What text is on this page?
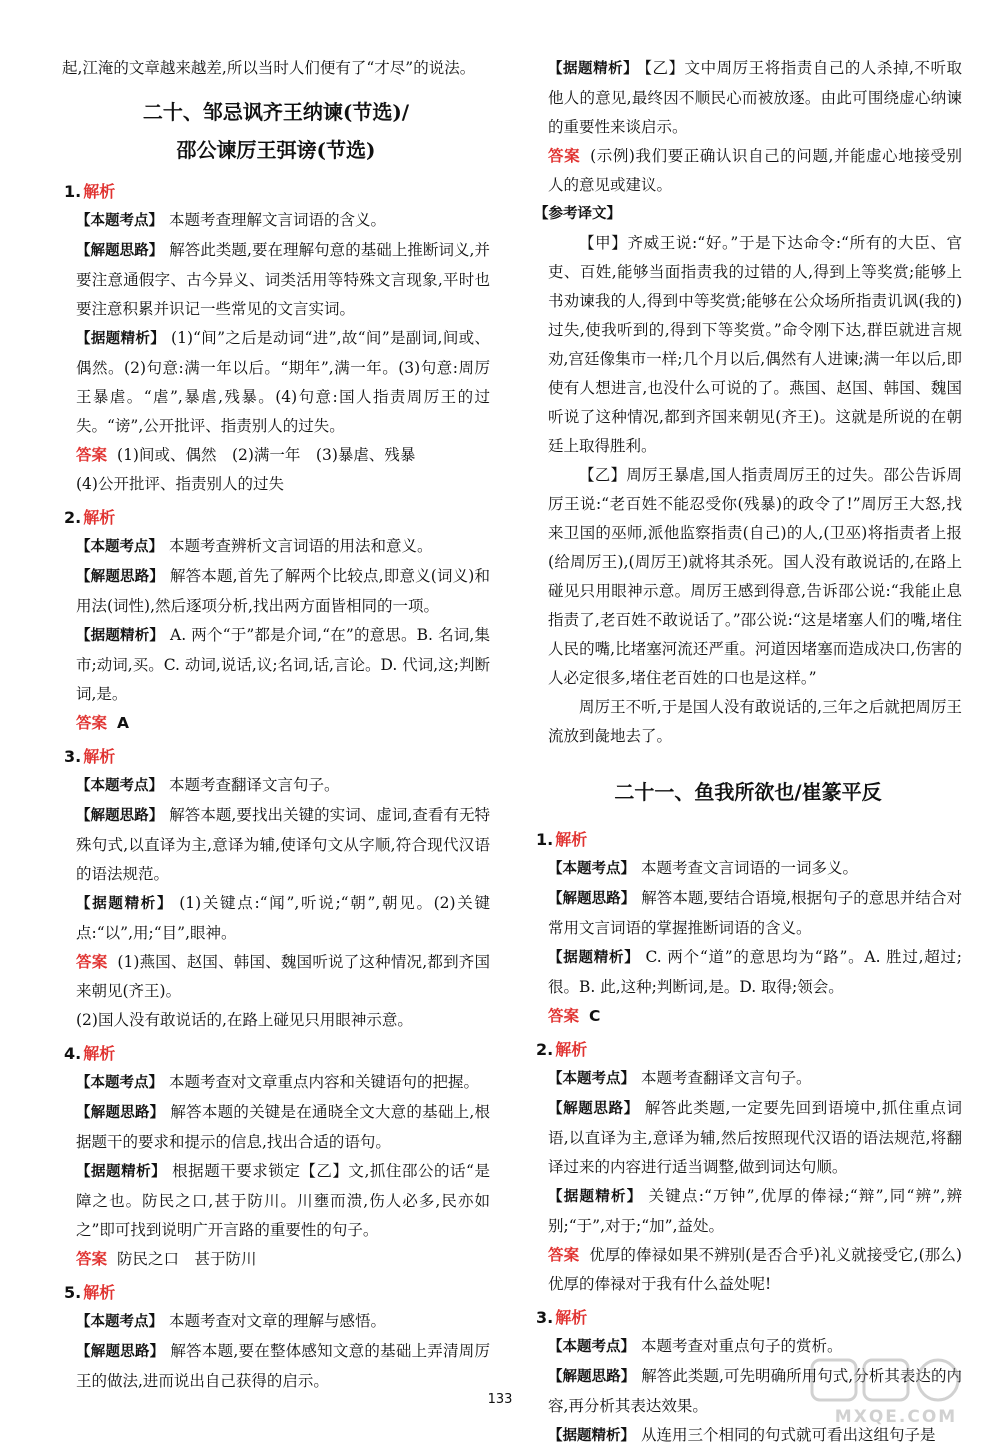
起,江淹的文章越来越差,所以当时人们便有了“才尽”的说法。

二十、邹忌讽齐王纳谏(节选)/
邵公谏厉王弭谤(节选)
1. 解析

【本题考点】 本题考查理解文言词语的含义。

【解题思路】 解答此类题,要在理解句意的基础上推断词义,并要注意通假字、古今异义、词类活用等特殊文言现象,平时也要注意积累并识记一些常见的文言实词。

【据题精析】 (1)“间”之后是动词“进”,故“间”是副词,间或、偶然。(2)句意:满一年以后。“期年”,满一年。(3)句意:周厉王暴虐。“虐”,暴虐,残暴。(4)句意:国人指责周厉王的过失。“谤”,公开批评、指责别人的过失。

答案 (1)间或、偶然　(2)满一年　(3)暴虐、残暴

(4)公开批评、指责别人的过失

2. 解析

【本题考点】 本题考查辨析文言词语的用法和意义。

【解题思路】 解答本题,首先了解两个比较点,即意义(词义)和用法(词性),然后逐项分析,找出两方面皆相同的一项。

【据题精析】 A. 两个“于”都是介词,“在”的意思。B. 名词,集市;动词,买。C. 动词,说话,议;名词,话,言论。D. 代词,这;判断词,是。

答案 A

3. 解析

【本题考点】 本题考查翻译文言句子。

【解题思路】 解答本题,要找出关键的实词、虚词,查看有无特殊句式,以直译为主,意译为辅,使译句文从字顺,符合现代汉语的语法规范。

【据题精析】 (1)关键点:“闻”,听说;“朝”,朝见。(2)关键点:“以”,用;“目”,眼神。

答案 (1)燕国、赵国、韩国、魏国听说了这种情况,都到齐国来朝见(齐王)。

(2)国人没有敢说话的,在路上碰见只用眼神示意。

4. 解析

【本题考点】 本题考查对文章重点内容和关键语句的把握。

【解题思路】 解答本题的关键是在通晓全文大意的基础上,根据题干的要求和提示的信息,找出合适的语句。

【据题精析】 根据题干要求锁定【乙】文,抓住邵公的话“是障之也。防民之口,甚于防川。川壅而溃,伤人必多,民亦如之”即可找到说明广开言路的重要性的句子。

答案 防民之口　甚于防川

5. 解析

【本题考点】 本题考查对文章的理解与感悟。

【解题思路】 解答本题,要在整体感知文意的基础上弄清周厉王的做法,进而说出自己获得的启示。

【据题精析】 【乙】文中周厉王将指责自己的人杀掉,不听取他人的意见,最终因不顺民心而被放逐。由此可围绕虚心纳谏的重要性来谈启示。

答案 (示例)我们要正确认识自己的问题,并能虚心地接受别人的意见或建议。

【参考译文】

【甲】齐威王说:“好。”于是下达命令:“所有的大臣、官吏、百姓,能够当面指责我的过错的人,得到上等奖赏;能够上书劝谏我的人,得到中等奖赏;能够在公众场所指责讥讽(我的)过失,使我听到的,得到下等奖赏。”命令刚下达,群臣就进言规劝,宫廷像集市一样;几个月以后,偶然有人进谏;满一年以后,即使有人想进言,也没什么可说的了。燕国、赵国、韩国、魏国听说了这种情况,都到齐国来朝见(齐王)。这就是所说的在朝廷上取得胜利。

【乙】周厉王暴虐,国人指责周厉王的过失。邵公告诉周厉王说:“老百姓不能忍受你(残暴)的政令了!”周厉王大怒,找来卫国的巫师,派他监察指责(自己)的人,(卫巫)将指责者上报(给周厉王),(周厉王)就将其杀死。国人没有敢说话的,在路上碰见只用眼神示意。周厉王感到得意,告诉邵公说:“我能止息指责了,老百姓不敢说话了。”邵公说:“这是堵塞人们的嘴,堵住人民的嘴,比堵塞河流还严重。河道因堵塞而造成决口,伤害的人必定很多,堵住老百姓的口也是这样。”

周厉王不听,于是国人没有敢说话的,三年之后就把周厉王流放到彘地去了。

二十一、鱼我所欲也/崔篆平反
1. 解析

【本题考点】 本题考查文言词语的一词多义。

【解题思路】 解答本题,要结合语境,根据句子的意思并结合对常用文言词语的掌握推断词语的含义。

【据题精析】 C. 两个“道”的意思均为“路”。A. 胜过,超过;很。B. 此,这种;判断词,是。D. 取得;领会。

答案 C

2. 解析

【本题考点】 本题考查翻译文言句子。

【解题思路】 解答此类题,一定要先回到语境中,抓住重点词语,以直译为主,意译为辅,然后按照现代汉语的语法规范,将翻译过来的内容进行适当调整,做到词达句顺。

【据题精析】 关键点:“万钟”,优厚的俸禄;“辩”,同“辨”,辨别;“于”,对于;“加”,益处。

答案 优厚的俸禄如果不辨别(是否合乎)礼义就接受它,(那么)优厚的俸禄对于我有什么益处呢!

3. 解析

【本题考点】 本题考查对重点句子的赏析。

【解题思路】 解答此类题,可先明确所用句式,分析其表达的内容,再分析其表达效果。

【据题精析】 从连用三个相同的句式就可看出这组句子是

133
MXQE.COM
